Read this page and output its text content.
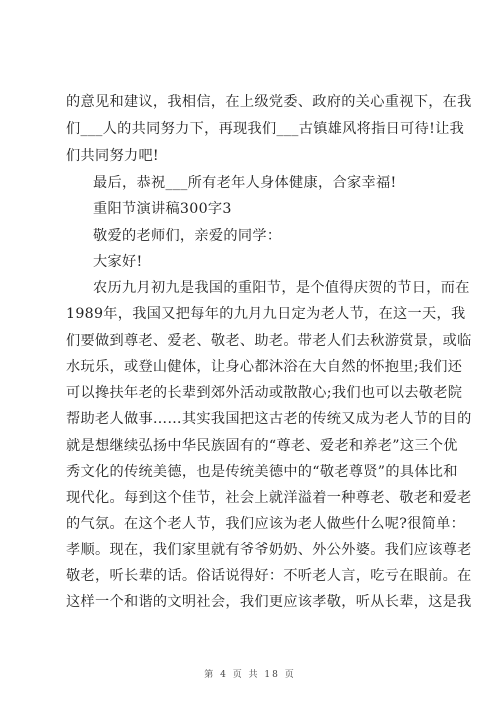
的意见和建议，我相信，在上级党委、政府的关心重视下，在我
们___人的共同努力下，再现我们___古镇雄风将指日可待!让我
们共同努力吧!
最后，恭祝___所有老年人身体健康，合家幸福!
重阳节演讲稿300字3
敬爱的老师们，亲爱的同学：
大家好!
农历九月初九是我国的重阳节，是个值得庆贺的节日，而在
1989年，我国又把每年的九月九日定为老人节，在这一天，我
们要做到尊老、爱老、敬老、助老。带老人们去秋游赏景，或临
水玩乐，或登山健体，让身心都沐浴在大自然的怀抱里;我们还
可以搀扶年老的长辈到郊外活动或散散心;我们也可以去敬老院
帮助老人做事……其实我国把这古老的传统又成为老人节的目的
就是想继续弘扬中华民族固有的“尊老、爱老和养老”这三个优
秀文化的传统美德，也是传统美德中的“敬老尊贤”的具体比和
现代化。每到这个佳节，社会上就洋溢着一种尊老、敬老和爱老
的气氛。在这个老人节，我们应该为老人做些什么呢?很简单：
孝顺。现在，我们家里就有爷爷奶奶、外公外婆。我们应该尊老
敬老，听长辈的话。俗话说得好：不听老人言，吃亏在眼前。在
这样一个和谐的文明社会，我们更应该孝敬，听从长辈，这是我
第 4 页 共 18 页
